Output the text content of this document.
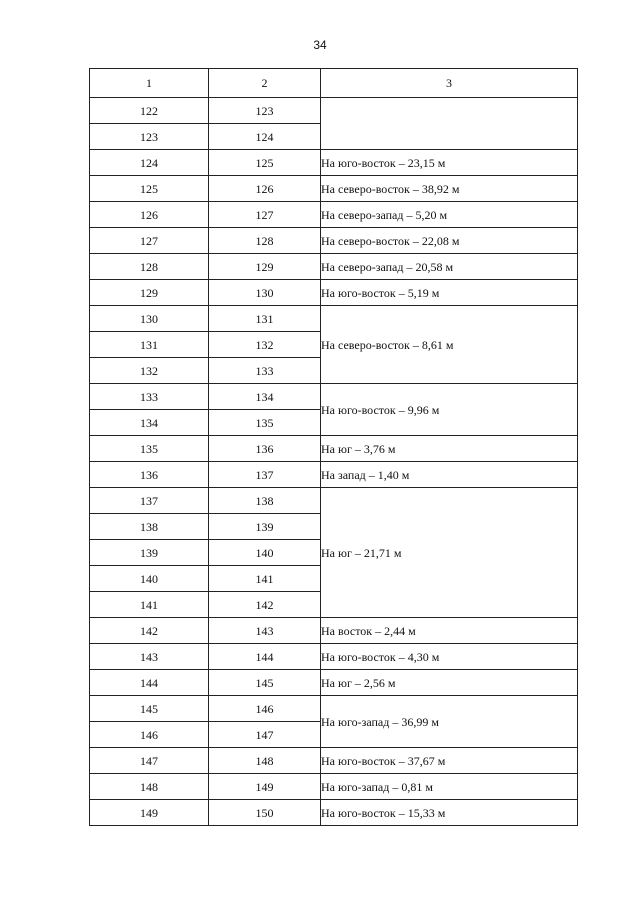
34
1	2	3
122	123	
123	124	
124	125	На юго-восток – 23,15 м
125	126	На северо-восток – 38,92 м
126	127	На северо-запад – 5,20 м
127	128	На северо-восток – 22,08 м
128	129	На северо-запад – 20,58 м
129	130	На юго-восток – 5,19 м
130	131	На северо-восток – 8,61 м
131	132	
132	133	
133	134	На юго-восток – 9,96 м
134	135	
135	136	На юг – 3,76 м
136	137	На запад – 1,40 м
137	138	На юг – 21,71 м
138	139	
139	140	
140	141	
141	142	
142	143	На восток – 2,44 м
143	144	На юго-восток – 4,30 м
144	145	На юг – 2,56 м
145	146	На юго-запад – 36,99 м
146	147	
147	148	На юго-восток – 37,67 м
148	149	На юго-запад – 0,81 м
149	150	На юго-восток – 15,33 м
